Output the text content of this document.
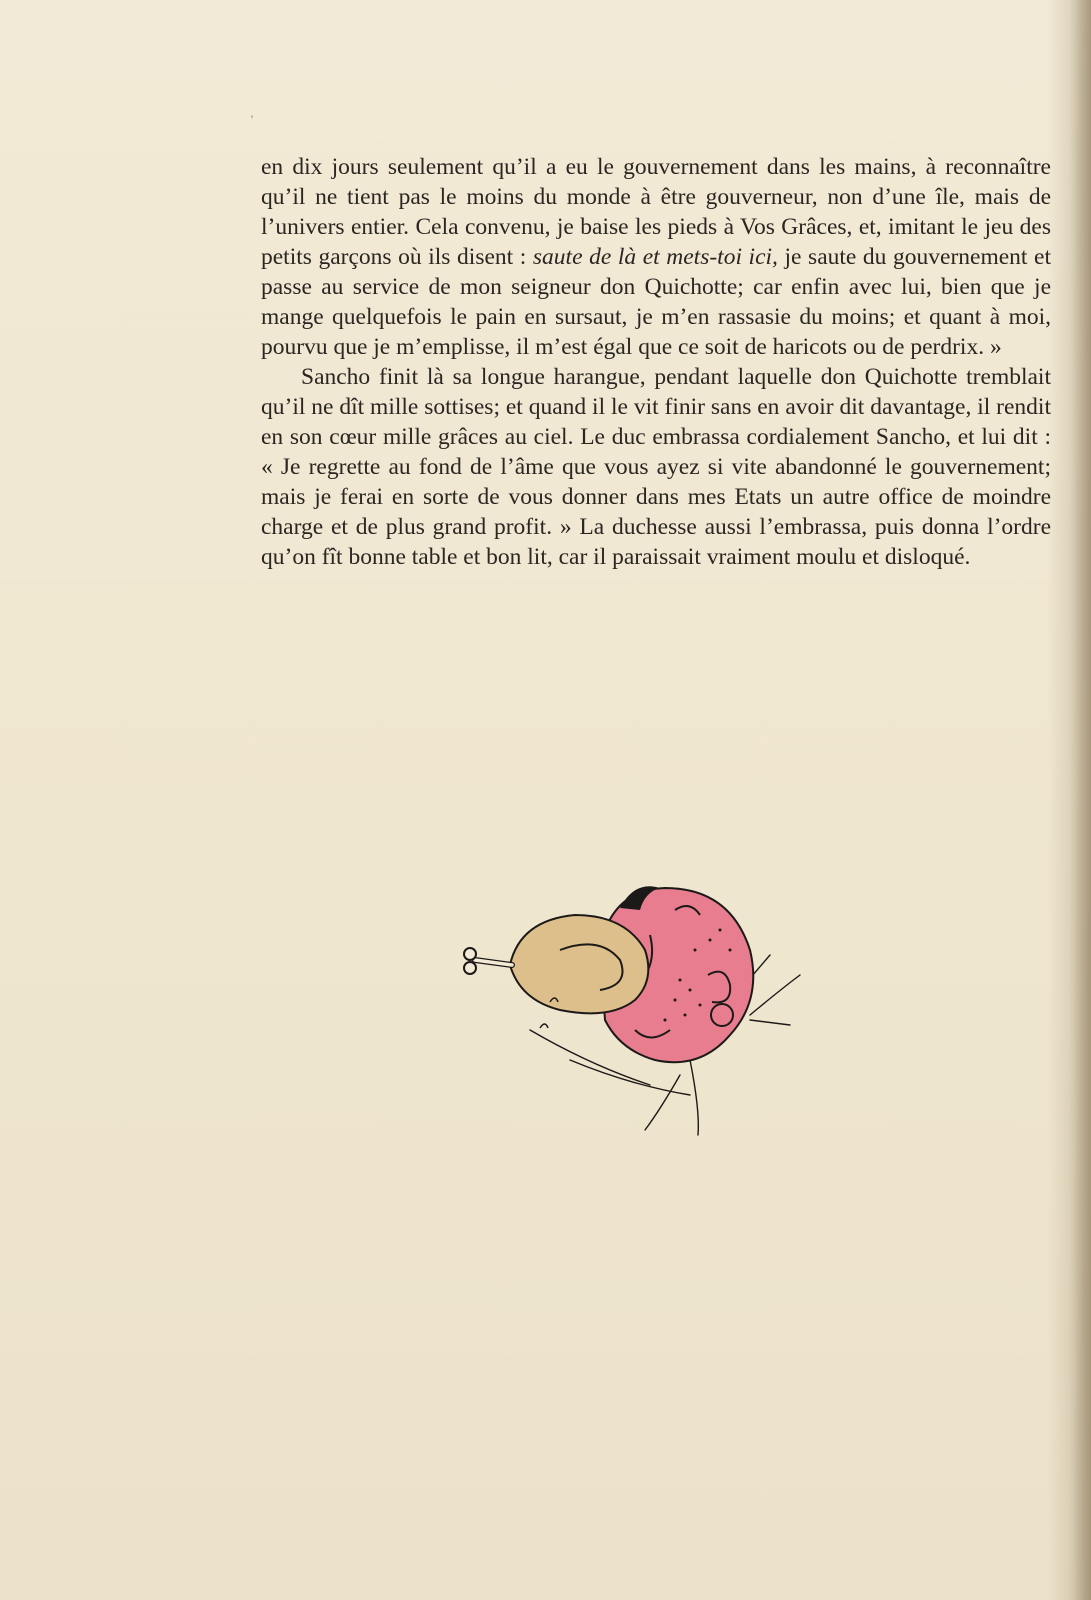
’

en dix jours seulement qu’il a eu le gouvernement dans les mains, à reconnaître qu’il ne tient pas le moins du monde à être gouverneur, non d’une île, mais de l’univers entier. Cela convenu, je baise les pieds à Vos Grâces, et, imitant le jeu des petits garçons où ils disent : saute de là et mets-toi ici, je saute du gouvernement et passe au service de mon seigneur don Quichotte; car enfin avec lui, bien que je mange quelquefois le pain en sursaut, je m’en rassasie du moins; et quant à moi, pourvu que je m’emplisse, il m’est égal que ce soit de haricots ou de perdrix. »

Sancho finit là sa longue harangue, pendant laquelle don Quichotte tremblait qu’il ne dît mille sottises; et quand il le vit finir sans en avoir dit davantage, il rendit en son cœur mille grâces au ciel. Le duc embrassa cordialement Sancho, et lui dit : « Je regrette au fond de l’âme que vous ayez si vite abandonné le gouvernement; mais je ferai en sorte de vous donner dans mes Etats un autre office de moindre charge et de plus grand profit. » La duchesse aussi l’embrassa, puis donna l’ordre qu’on fît bonne table et bon lit, car il paraissait vraiment moulu et disloqué.
